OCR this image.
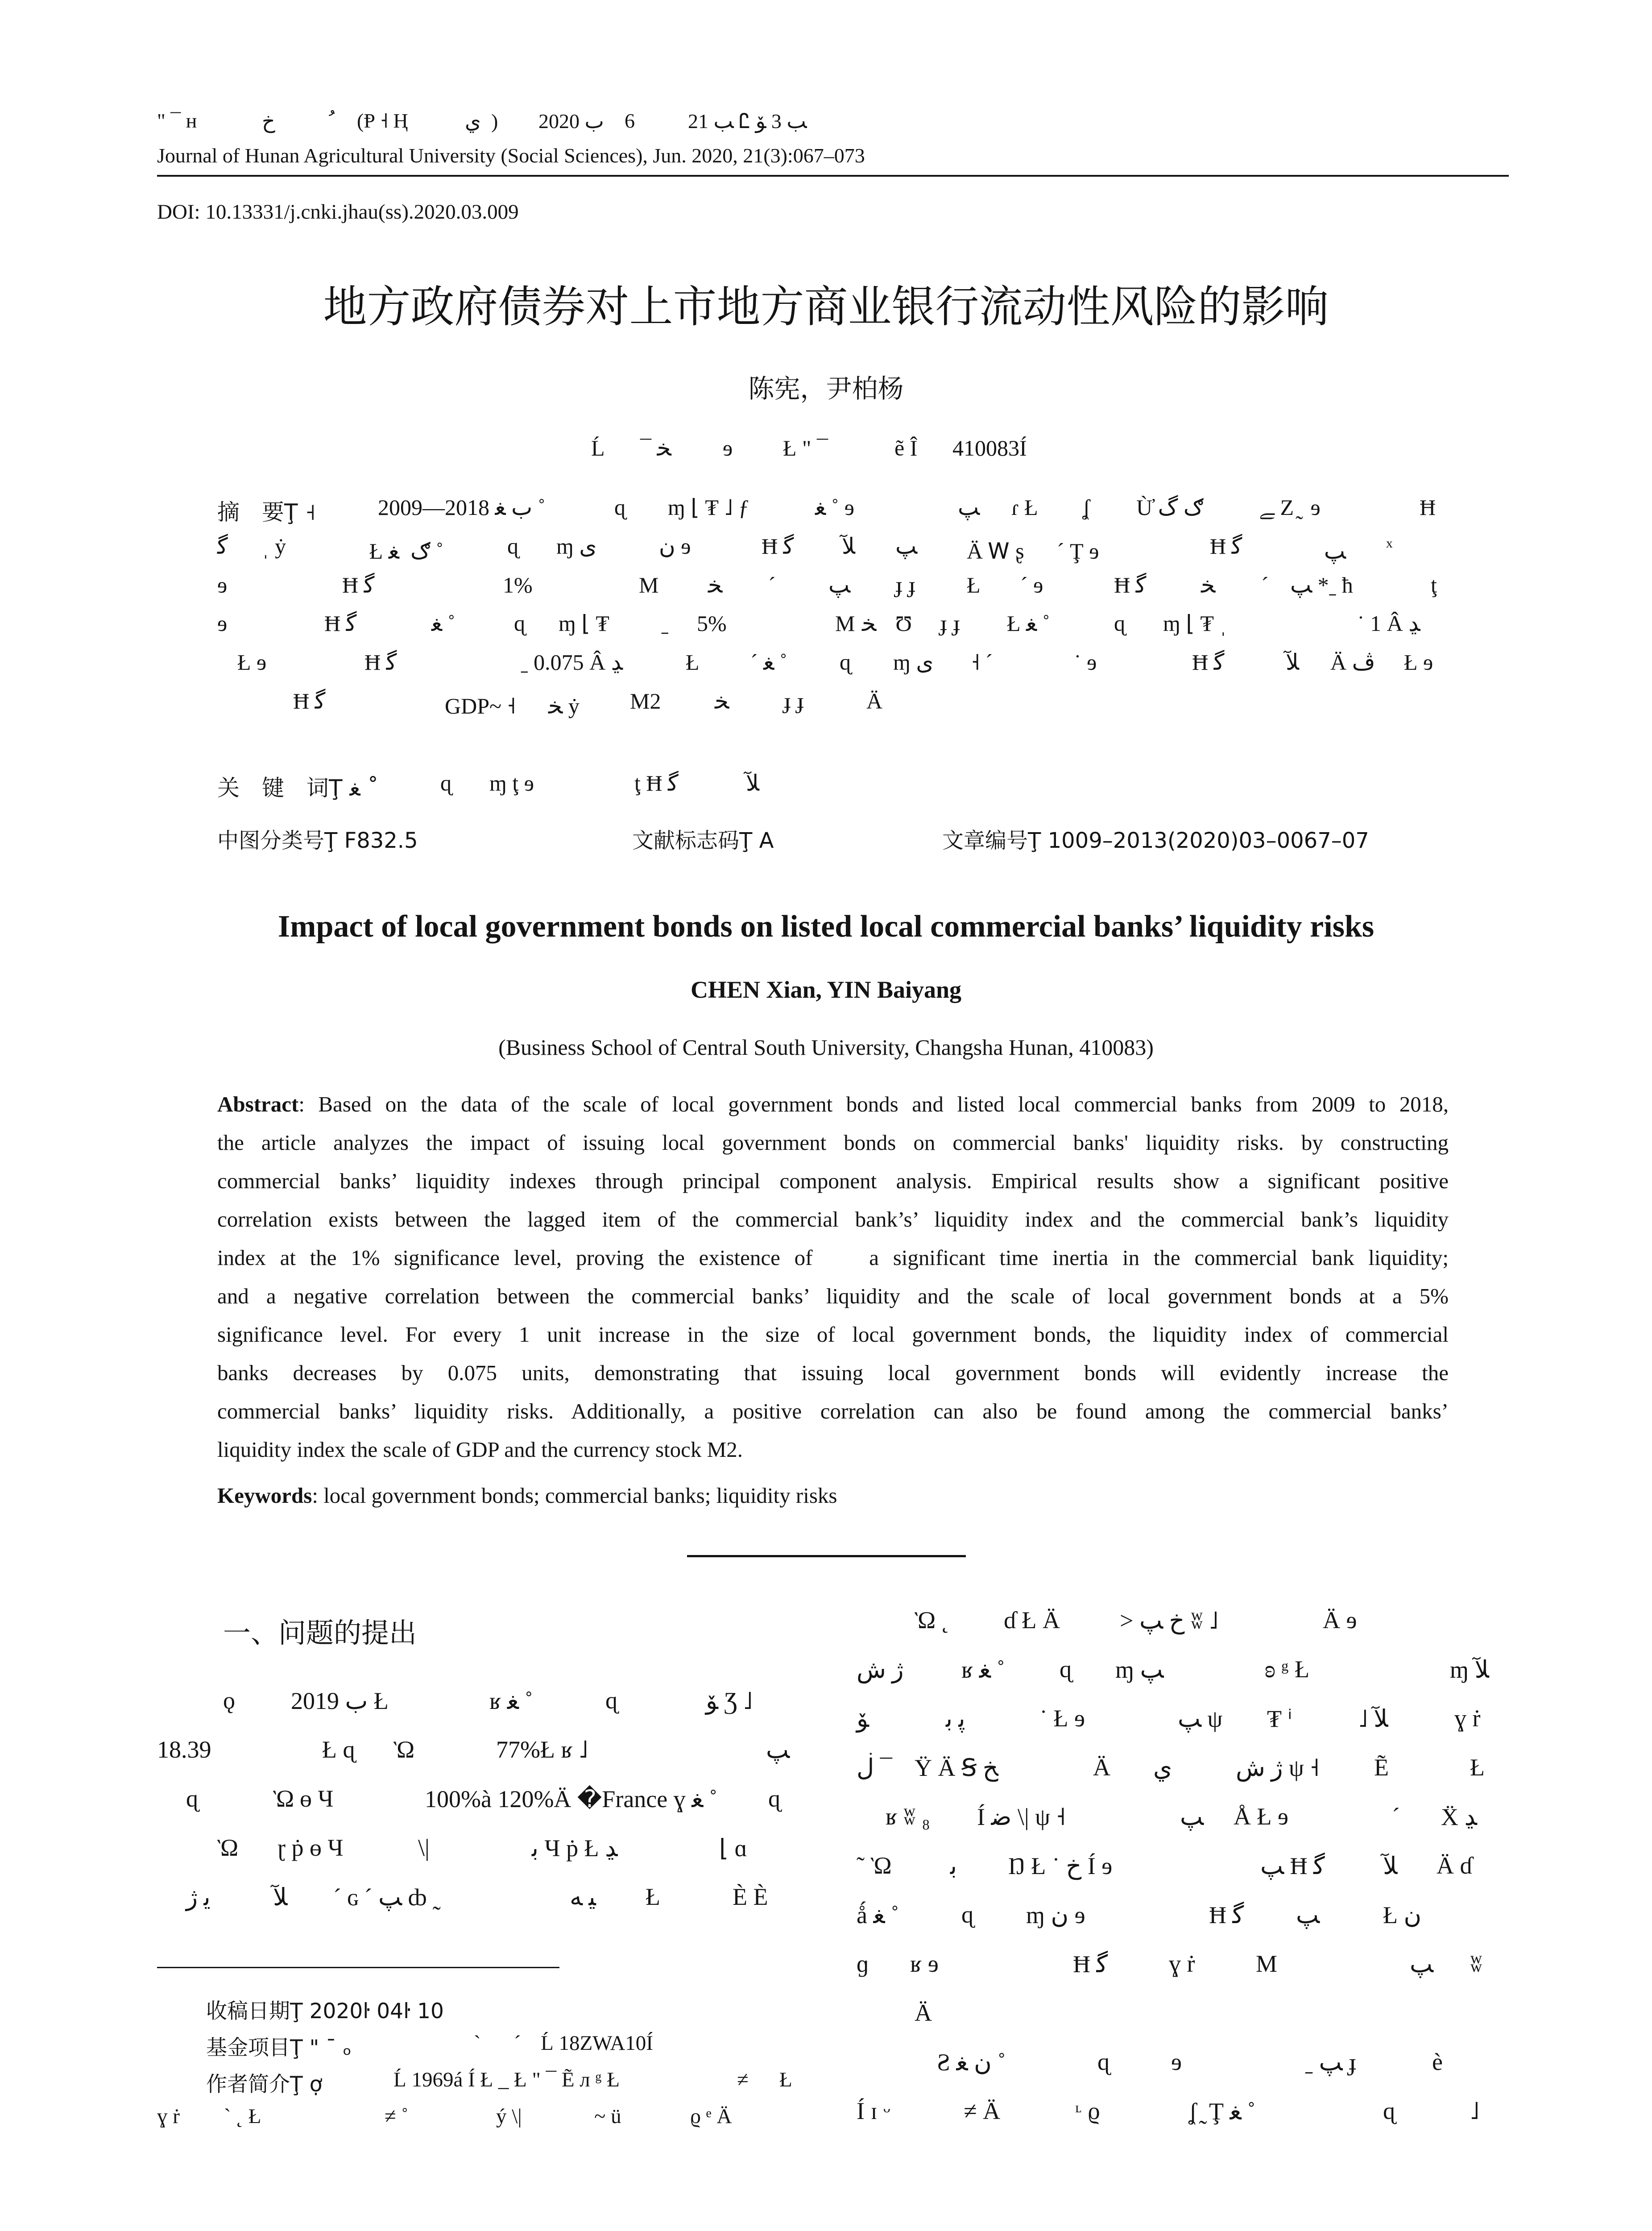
" ¯ ʜ	ﺥ	ﹸ (Ᵽ ˧ Ⱨ	ﻱ  ) 2020 ﺏ 6	ﺐ 21 Ꮭ ﺐ 3 ﯚ
Journal of Hunan Agricultural University (Social Sciences), Jun. 2020, 21(3):067–073
DOI: 10.13331/j.cnki.jhau(ss).2020.03.009
地方政府债券对上市地方商业银行流动性风险的影响
陈宪，尹柏杨
Ĺ ¯ ﺨ ɘ Ł " ¯	ẽ Î 410083Í
摘　要Ţ ˧	2009—2018 ﺏ ﻐ ˚	ɋ ɱ ⌊ ₮ ˩ ƒ	ﻐ ˚ ɘ	ﭗ ɾ Ł ʆ Ù̕ ګ گ ﮯ Z ̰  ɘ	Ħ
ﮔ ˌ ẏ	ᅠ Ł ګ  ﻐ ˚	ɋ ɱ ﻯ	ﻥ ɘ	Ħ ﮔ ﻶ ﭗ Ä Ꮃ ʂ ᅠ ´ Ţ ɘ	Ħ ﮔ ᅠ ﭗ ˣ
ɘ	Ħ ﮔ	ᅠ 1%	M ﺨ ´ ﭗ ɟ ɟ Ł ´ ɘ	Ħ ﮔ ﺨ ´ ﭗ *ˍ ħ	ţ
ɘ	Ħ ﮔ	ﻐ ˚	ɋ ɱ ⌊ ₮ ˍ 5%	M ﺨ Ʊ ɟ ɟ Ł ﻐ ˚	ɋ ɱ ⌊ ₮ ˌ	˙ 1 Â ﮃ
Ł ɘ	Ħ ﮔ	ᅠ ˍ 0.075 Â ﮃ	Ł ´ ﻐ ˚ ɋ ɱ ﻯ ˧ ´	˙ ɘ	Ħ ﮔ	ﻶ Ä ﭪ Ł ɘ
Ħ ﮔ	ᅠ GDP~ ˧ ᅠ ﺨ ẏ M2 ﺨ ɟ ɟ	Ä
关　键　词Ţ ﻐ ˚	ɋ ɱ ţ ɘ	ţ Ħ ﮔ	ﻶ
中图分类号Ţ F832.5	文献标志码Ţ A	文章编号Ţ 1009–2013(2020)03–0067–07
Impact of local government bonds on listed local commercial banks’ liquidity risks
CHEN Xian, YIN Baiyang
(Business School of Central South University, Changsha Hunan, 410083)
Abstract: Based on the data of the scale of local government bonds and listed local commercial banks from 2009 to 2018,
the article analyzes the impact of issuing local government bonds on commercial banks' liquidity risks. by constructing
commercial banks’ liquidity indexes through principal component analysis. Empirical results show a significant positive
correlation exists between the lagged item of the commercial bank’s’ liquidity index and the commercial bank’s liquidity
index at the 1% significance level, proving the existence of    a significant time inertia in the commercial bank liquidity;
and a negative correlation between the commercial banks’ liquidity and the scale of local government bonds at a 5%
significance level. For every 1 unit increase in the size of local government bonds, the liquidity index of commercial
banks decreases by 0.075 units, demonstrating that issuing local government bonds will evidently increase the
commercial banks’ liquidity risks. Additionally, a positive correlation can also be found among the commercial banks’
liquidity index the scale of GDP and the currency stock M2.
Keywords: local government bonds; commercial banks; liquidity risks
一、问题的提出
ǫ 2019 ﺏ Ł	ʁ ﻐ ˚	ɋ	ﯚ Ʒ ˩
18.39	Ł ɋ Ὼ	77%Ł ʁ ˩	ﭗ
ɋ	Ὼ ɵ Ч	100%à 120%Ä �France ɣ ﻐ ˚ ɋ
Ὼ ɽ ṗ ɵ Ч	\|	ﺑ Ч ṗ Ł ﮃ	⌊ ɑ
ﯾ ﮊ	ﻶ ´ ɢ ´ ﭗ ȸ ˷	ﻴ ﻪ Ł	È È
收稿日期Ţ 2020ŀ 04ŀ 10
基金项目Ţ " ¯ ₒ	` ´ Ĺ 18ZWA10Í
作者简介Ţ ợ	Ĺ 1969á Í Ł _ Ł " ¯ Ẽ л ᵍ Ł	≠ Ł
ɣ ṙ ` ˛ Ł	≠ ˚	ý \|	~ ü	ϱ ᵉ Ä
Ὼ ˛ ɗ Ł Ä > ﺥ ﭗ ʬ ˩	Ä ɘ
ﮊ ﺵ ʁ ﻐ ˚ ɋ ɱ ﭗ	ʚ ᵍ Ł	ɱ ﻶ
ﯚ	ﭘ ﺑ	˙ Ł ɘ	ﭗ ψ ₮ ⁱ	˩ ﻶ	ɣ ṙ
ڶ ¯ Ÿ Ä Ꞩ ﺦ	Ä ﻱ	ﮊ ﺵ ψ ˧ Ẽ	Ł
ʁ ʬ ₈ Í ﺿ \| ψ ˧	ﭗ Å Ł ɘ	´ Ẍ ﮃ
˜ Ὼ ﺑ Ŋ Ł ˙ ﺥ Í ɘ	ﭗ Ħ ﮔ ﻶ Ä ɗ
ǻ ﻐ ˚	ɋ ɱ ﻥ ɘ	Ħ ﮔ ﭗ	Ł ﻥ
ɡ ʁ ɘ	Ħ ﮔ	ɣ ṙ	M	ﭗ ʬ
Ä
Ƨ ﻥ ﻐ ˚	ɋ	ɘ	ˍ ﭗ ɟ	è
Í ɪ ᵕ	≠ Ä	ᶫ ϱ	ʆ ̰ Ţ ﻐ ˚	ɋ	˩
